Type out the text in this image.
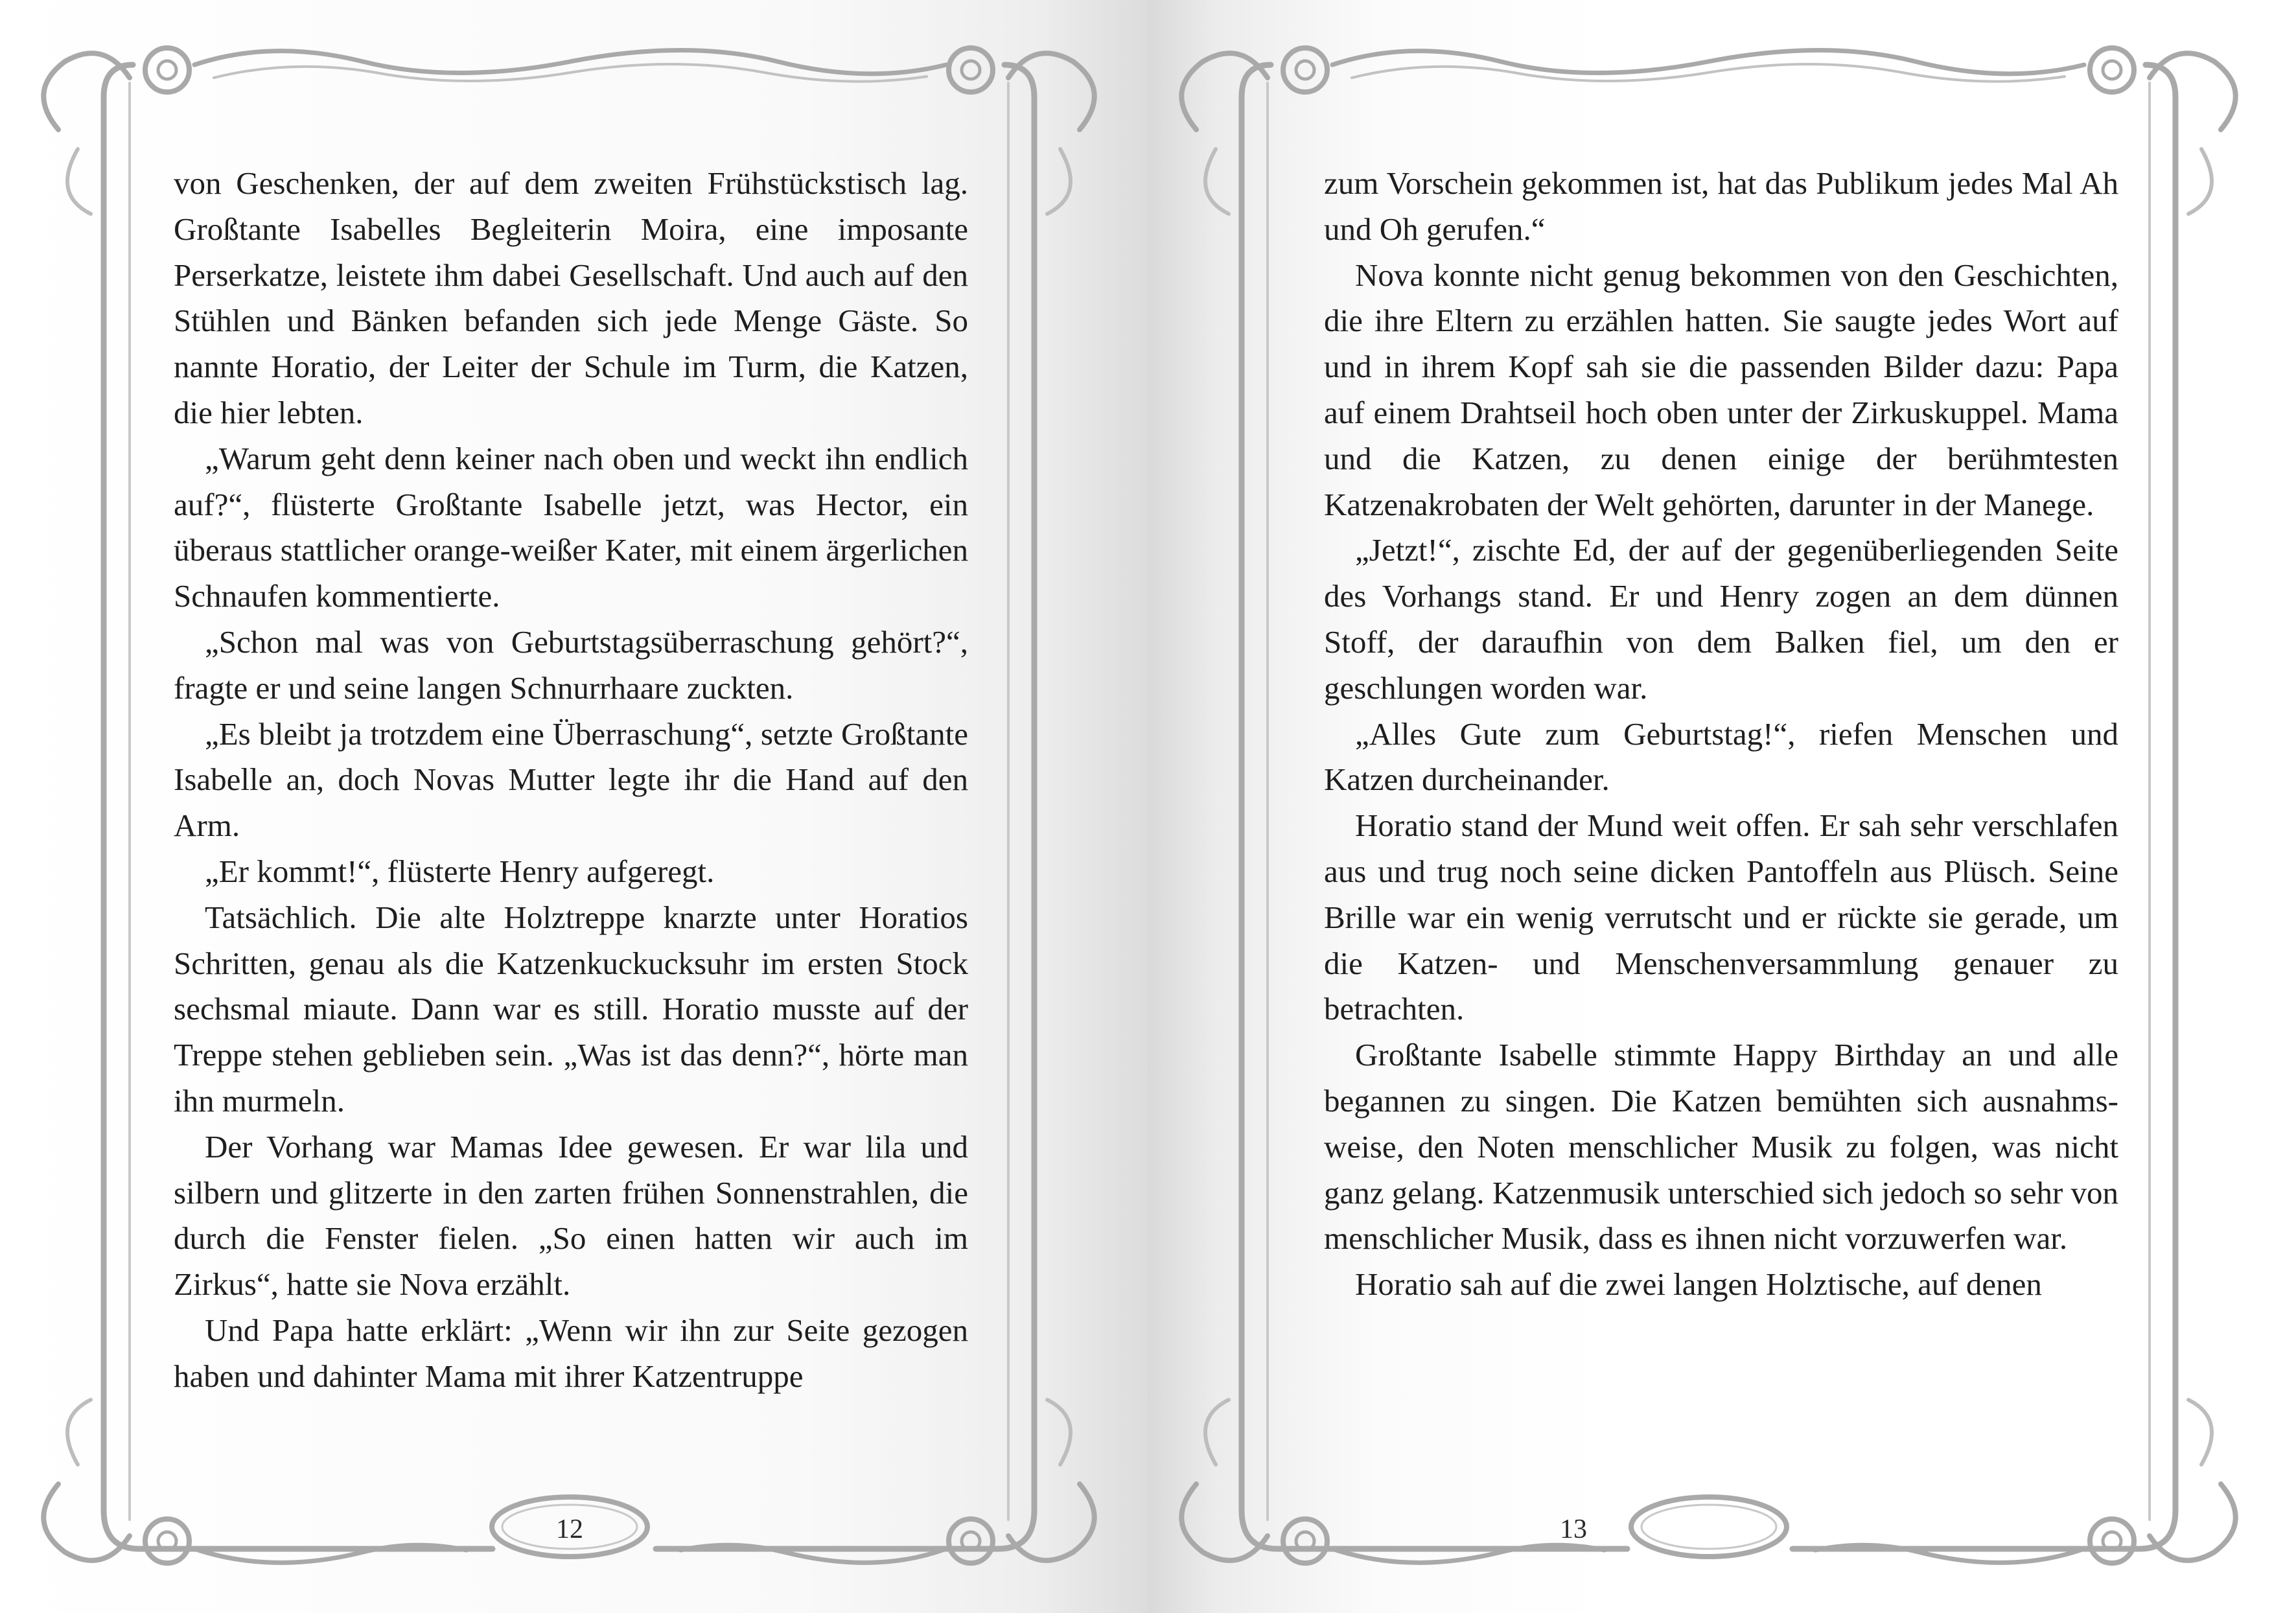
von Geschenken, der auf dem zweiten Frühstückstisch lag. Großtante Isabelles Begleiterin Moira, eine imposante Perserkatze, leistete ihm dabei Gesellschaft. Und auch auf den Stühlen und Bänken befanden sich jede Menge Gäste. So nannte Horatio, der Leiter der Schule im Turm, die Katzen, die hier lebten.

„Warum geht denn keiner nach oben und weckt ihn endlich auf?“, flüsterte Großtante Isabelle jetzt, was Hector, ein überaus stattlicher orange-weißer Kater, mit einem ärgerlichen Schnaufen kommentierte.

„Schon mal was von Geburtstagsüberraschung gehört?“, fragte er und seine langen Schnurrhaare zuckten.

„Es bleibt ja trotzdem eine Überraschung“, setzte Großtante Isabelle an, doch Novas Mutter legte ihr die Hand auf den Arm.

„Er kommt!“, flüsterte Henry aufgeregt.

Tatsächlich. Die alte Holztreppe knarzte unter Horatios Schritten, genau als die Katzenkuckucksuhr im ersten Stock sechsmal miaute. Dann war es still. Horatio musste auf der Treppe stehen geblieben sein. „Was ist das denn?“, hörte man ihn murmeln.

Der Vorhang war Mamas Idee gewesen. Er war lila und silbern und glitzerte in den zarten frühen Sonnenstrahlen, die durch die Fenster fielen. „So einen hatten wir auch im Zirkus“, hatte sie Nova erzählt.

Und Papa hatte erklärt: „Wenn wir ihn zur Seite gezogen haben und dahinter Mama mit ihrer Katzentruppe

12

zum Vorschein gekommen ist, hat das Publikum jedes Mal Ah und Oh gerufen.“

Nova konnte nicht genug bekommen von den Geschichten, die ihre Eltern zu erzählen hatten. Sie saugte jedes Wort auf und in ihrem Kopf sah sie die passenden Bilder dazu: Papa auf einem Drahtseil hoch oben unter der Zirkuskuppel. Mama und die Katzen, zu denen einige der berühmtesten Katzenakrobaten der Welt gehörten, darunter in der Manege.

„Jetzt!“, zischte Ed, der auf der gegenüberliegenden Seite des Vorhangs stand. Er und Henry zogen an dem dünnen Stoff, der daraufhin von dem Balken fiel, um den er geschlungen worden war.

„Alles Gute zum Geburtstag!“, riefen Menschen und Katzen durcheinander.

Horatio stand der Mund weit offen. Er sah sehr verschlafen aus und trug noch seine dicken Pantoffeln aus Plüsch. Seine Brille war ein wenig verrutscht und er rückte sie gerade, um die Katzen- und Menschenversammlung genauer zu betrachten.

Großtante Isabelle stimmte Happy Birthday an und alle begannen zu singen. Die Katzen bemühten sich ausnahmsweise, den Noten menschlicher Musik zu folgen, was nicht ganz gelang. Katzenmusik unterschied sich jedoch so sehr von menschlicher Musik, dass es ihnen nicht vorzuwerfen war.

Horatio sah auf die zwei langen Holztische, auf denen

13
